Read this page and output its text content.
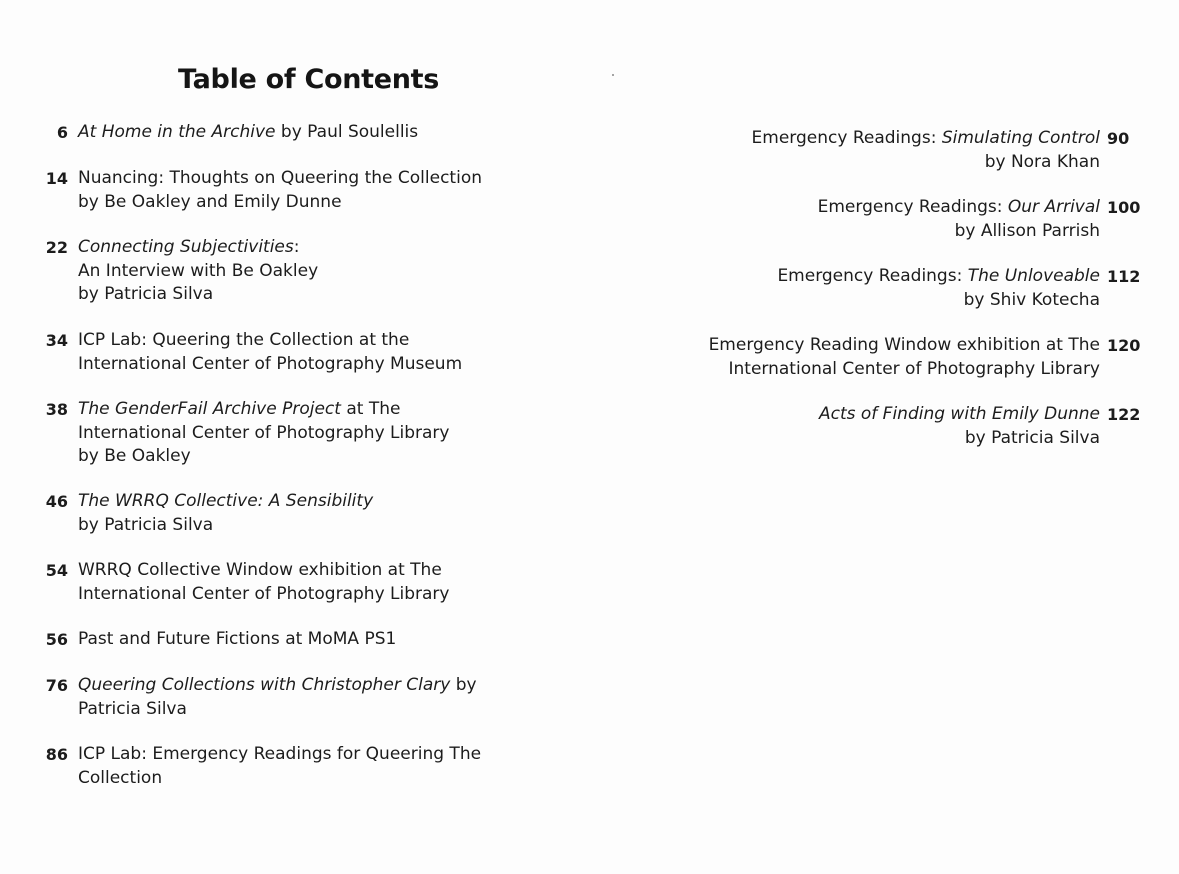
Table of Contents
6 At Home in the Archive by Paul Soulellis
14 Nuancing: Thoughts on Queering the Collection
by Be Oakley and Emily Dunne
22 Connecting Subjectivities:
An Interview with Be Oakley
by Patricia Silva
34 ICP Lab: Queering the Collection at the
International Center of Photography Museum
38 The GenderFail Archive Project at The
International Center of Photography Library
by Be Oakley
46 The WRRQ Collective: A Sensibility
by Patricia Silva
54 WRRQ Collective Window exhibition at The
International Center of Photography Library
56 Past and Future Fictions at MoMA PS1
76 Queering Collections with Christopher Clary by
Patricia Silva
86 ICP Lab: Emergency Readings for Queering The
Collection
90
Emergency Readings: Simulating Control
by Nora Khan
100
Emergency Readings: Our Arrival
by Allison Parrish
112
Emergency Readings: The Unloveable
by Shiv Kotecha
120
Emergency Reading Window exhibition at The
International Center of Photography Library
122
Acts of Finding with Emily Dunne
by Patricia Silva
